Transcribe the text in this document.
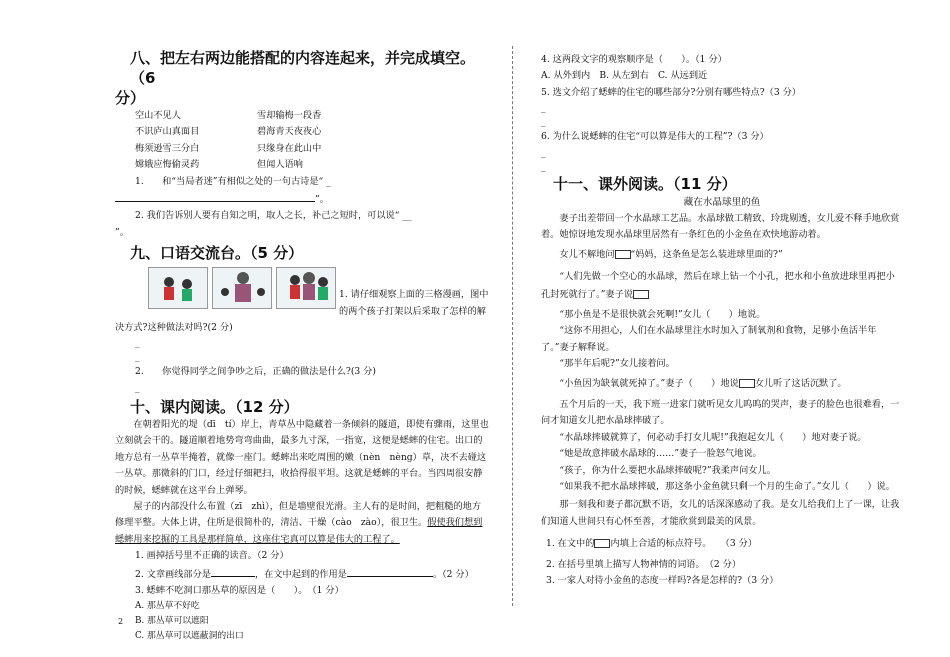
八、把左右两边能搭配的内容连起来，并完成填空。（6

分）

空山不见人	雪却输梅一段香
不识庐山真面目	碧海青天夜夜心
梅须逊雪三分白	只缘身在此山中
嫦娥应悔偷灵药	但闻人语响

1.　　和“当局者迷”有相似之处的一句古诗是“ _

”。

2. 我们告诉别人要有自知之明，取人之长，补己之短时，可以说“ __

”。

九、口语交流台。（5 分）

1. 请仔细观察上面的三格漫画，图中的两个孩子打架以后采取了怎样的解决方式?这种做法对吗?(2 分)

_

_

2.　　你觉得同学之间争吵之后，正确的做法是什么?(3 分)

_

十、课内阅读。（12 分）

在朝着阳光的堤（dī　tí）岸上，青草丛中隐藏着一条倾斜的隧道，即使有骤雨，这里也立刻就会干的。隧道顺着地势弯弯曲曲，最多九寸深，一指宽，这便是蟋蟀的住宅。出口的地方总有一丛草半掩着，就像一座门。蟋蟀出来吃周围的嫩（nèn　nèng）草，决不去碰这一丛草。那微斜的门口，经过仔细耙扫，收拾得很平坦。这就是蟋蟀的平台。当四周很安静的时候，蟋蟀就在这平台上弹琴。

屋子的内部没什么布置（zī　zhì），但是墙壁很光滑。主人有的是时间，把粗糙的地方修理平整。大体上讲，住所是很简朴的，清洁、干燥（cào　zào），很卫生。假使我们想到蟋蟀用来挖掘的工具是那样简单，这座住宅真可以算是伟大的工程了。

1. 画掉括号里不正确的读音。（2 分）

2. 文章画线部分是	，在文中起到的作用是	。（2 分）

3. 蟋蟀不吃洞口那丛草的原因是（　　）。　（1 分）

A. 那丛草不好吃

B. 那丛草可以遮阳

C. 那丛草可以遮蔽洞的出口

4. 这两段文字的观察顺序是（　　）。（1 分）

A. 从外到内　B. 从左到右　C. 从远到近

5. 选文介绍了蟋蟀的住宅的哪些部分?分别有哪些特点?（3 分）

_

_

6. 为什么说蟋蟀的住宅“可以算是伟大的工程”?（3 分）

_

_

十一、课外阅读。（11 分）

藏在水晶球里的鱼

妻子出差带回一个水晶球工艺品。水晶球做工精致、玲珑剔透，女儿爱不释手地欣赏着。她惊讶地发现水晶球里居然有一条红色的小金鱼在欢快地游动着。

女儿不解地问 “妈妈，这条鱼是怎么装进球里面的?”

“人们先做一个空心的水晶球，然后在球上钻一个小孔，把水和小鱼放进球里再把小孔封死就行了。”妻子说

“那小鱼是不是很快就会死啊!”女儿（　　）地说。

“这你不用担心，人们在水晶球里注水时加入了制氧剂和食物，足够小鱼活半年了。”妻子解释说。

“那半年后呢?”女儿接着问。

“小鱼因为缺氧就死掉了。”妻子（　　）地说 女儿听了这话沉默了。

五个月后的一天，我下班一进家门就听见女儿呜呜的哭声，妻子的脸色也很难看，一问才知道女儿把水晶球摔破了。

“水晶球摔破就算了，何必动手打女儿呢!”我抱起女儿（　　）地对妻子说。

“她是故意摔破水晶球的……”妻子一脸怒气地说。

“孩子，你为什么要把水晶球摔破呢?”我柔声问女儿。

“如果我不把水晶球摔破，那这条小金鱼就只剩一个月的生命了。”女儿（　　）说。

那一刻我和妻子都沉默不语，女儿的话深深感动了我。是女儿给我们上了一课，让我们知道人世间只有心怀至善，才能欣赏到最美的风景。

1. 在文中的 内填上合适的标点符号。　　（3 分）

2. 在括号里填上描写人物神情的词语。　（2 分）

3. 一家人对待小金鱼的态度一样吗?各是怎样的?（3 分）

2
